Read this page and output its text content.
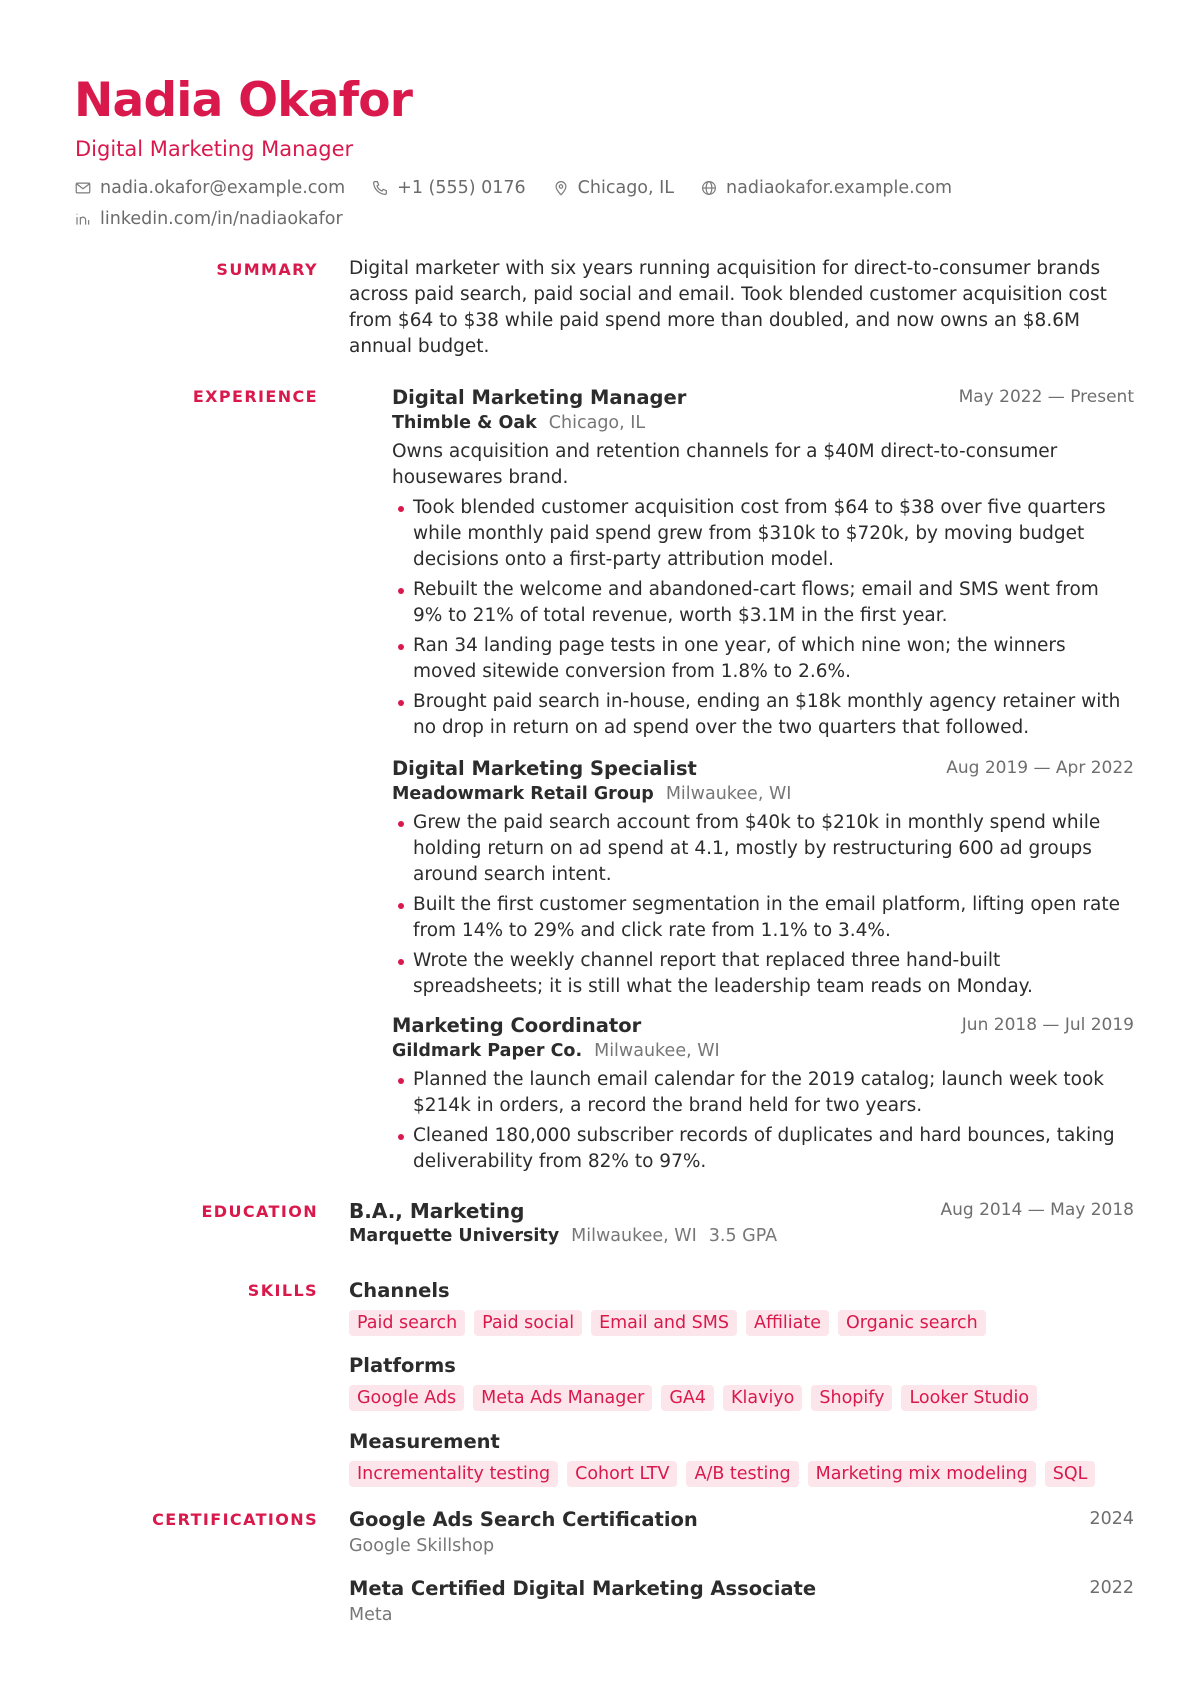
Nadia Okafor
Digital Marketing Manager
nadia.okafor@example.com	+1 (555) 0176	Chicago, IL	nadiaokafor.example.com
linkedin.com/in/nadiaokafor
SUMMARY Digital marketer with six years running acquisition for direct-to-consumer brands across paid search, paid social and email. Took blended customer acquisition cost from $64 to $38 while paid spend more than doubled, and now owns an $8.6M annual budget.
EXPERIENCE	Digital Marketing Manager	May 2022 — Present
Thimble & Oak Chicago, IL
Owns acquisition and retention channels for a $40M direct-to-consumer housewares brand.
Took blended customer acquisition cost from $64 to $38 over five quarters while monthly paid spend grew from $310k to $720k, by moving budget decisions onto a first-party attribution model.
Rebuilt the welcome and abandoned-cart flows; email and SMS went from 9% to 21% of total revenue, worth $3.1M in the first year.
Ran 34 landing page tests in one year, of which nine won; the winners moved sitewide conversion from 1.8% to 2.6%.
Brought paid search in-house, ending an $18k monthly agency retainer with no drop in return on ad spend over the two quarters that followed.
Digital Marketing Specialist	Aug 2019 — Apr 2022
Meadowmark Retail Group Milwaukee, WI
Grew the paid search account from $40k to $210k in monthly spend while holding return on ad spend at 4.1, mostly by restructuring 600 ad groups around search intent.
Built the first customer segmentation in the email platform, lifting open rate from 14% to 29% and click rate from 1.1% to 3.4%.
Wrote the weekly channel report that replaced three hand-built spreadsheets; it is still what the leadership team reads on Monday.
Marketing Coordinator	Jun 2018 — Jul 2019
Gildmark Paper Co. Milwaukee, WI
Planned the launch email calendar for the 2019 catalog; launch week took $214k in orders, a record the brand held for two years.
Cleaned 180,000 subscriber records of duplicates and hard bounces, taking deliverability from 82% to 97%.
EDUCATION B.A., Marketing	Aug 2014 — May 2018
Marquette University Milwaukee, WI 3.5 GPA
SKILLS Channels
Paid search	Paid social	Email and SMS	Affiliate	Organic search
Platforms
Google Ads	Meta Ads Manager	GA4	Klaviyo	Shopify	Looker Studio
Measurement
Incrementality testing	Cohort LTV	A/B testing	Marketing mix modeling	SQL
CERTIFICATIONS Google Ads Search Certification
Google Skillshop
2024
Meta Certified Digital Marketing Associate
Meta
2022
